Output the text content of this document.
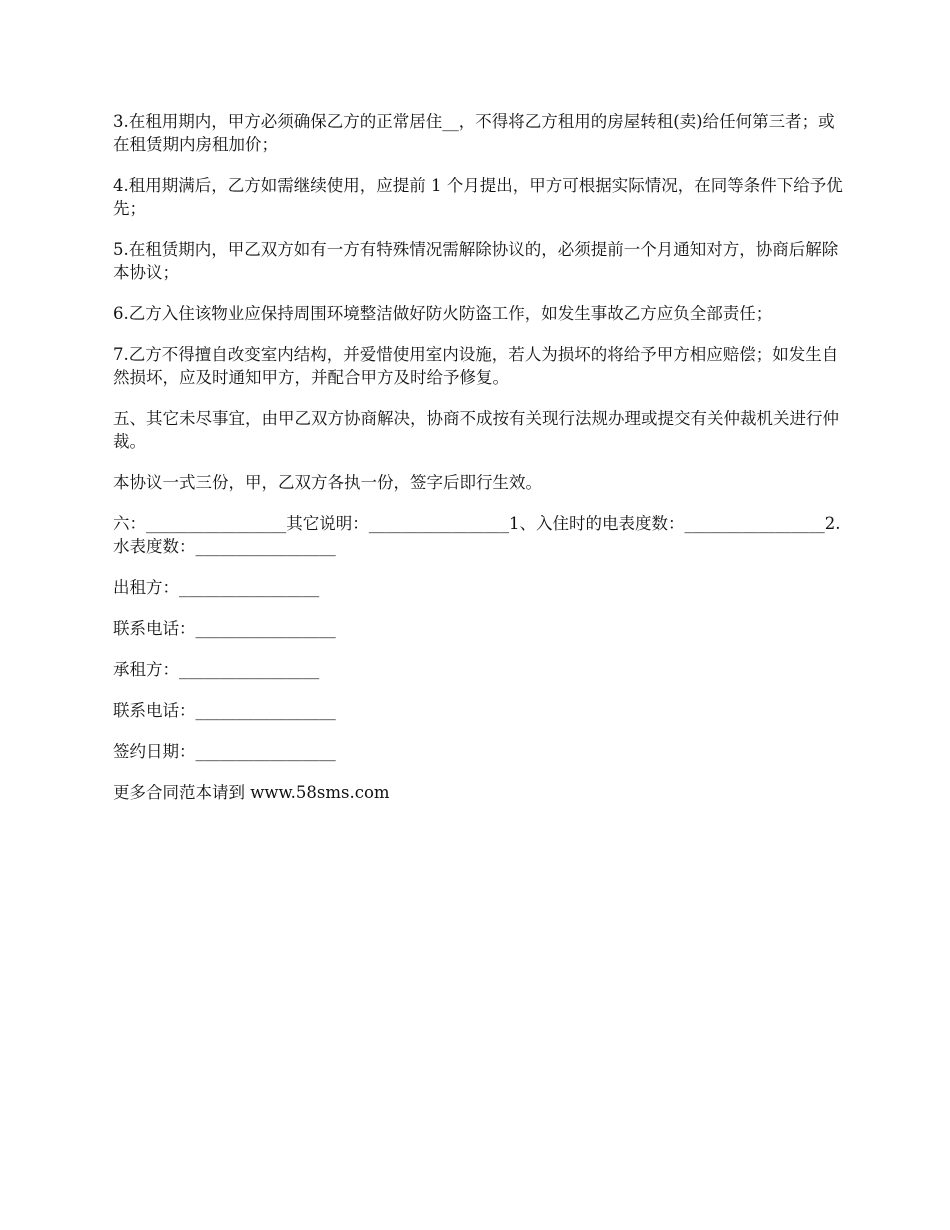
3.在租用期内，甲方必须确保乙方的正常居住__，不得将乙方租用的房屋转租(卖)给任何第三者；或在租赁期内房租加价；

4.租用期满后，乙方如需继续使用，应提前 1 个月提出，甲方可根据实际情况，在同等条件下给予优先；

5.在租赁期内，甲乙双方如有一方有特殊情况需解除协议的，必须提前一个月通知对方，协商后解除本协议；

6.乙方入住该物业应保持周围环境整洁做好防火防盗工作，如发生事故乙方应负全部责任；

7.乙方不得擅自改变室内结构，并爱惜使用室内设施，若人为损坏的将给予甲方相应赔偿；如发生自然损坏，应及时通知甲方，并配合甲方及时给予修复。

五、其它未尽事宜，由甲乙双方协商解决，协商不成按有关现行法规办理或提交有关仲裁机关进行仲裁。

本协议一式三份，甲，乙双方各执一份，签字后即行生效。

六：_________________其它说明：_________________1、入住时的电表度数：_________________2.水表度数：_________________

出租方：_________________

联系电话：_________________

承租方：_________________

联系电话：_________________

签约日期：_________________

更多合同范本请到 www.58sms.com
